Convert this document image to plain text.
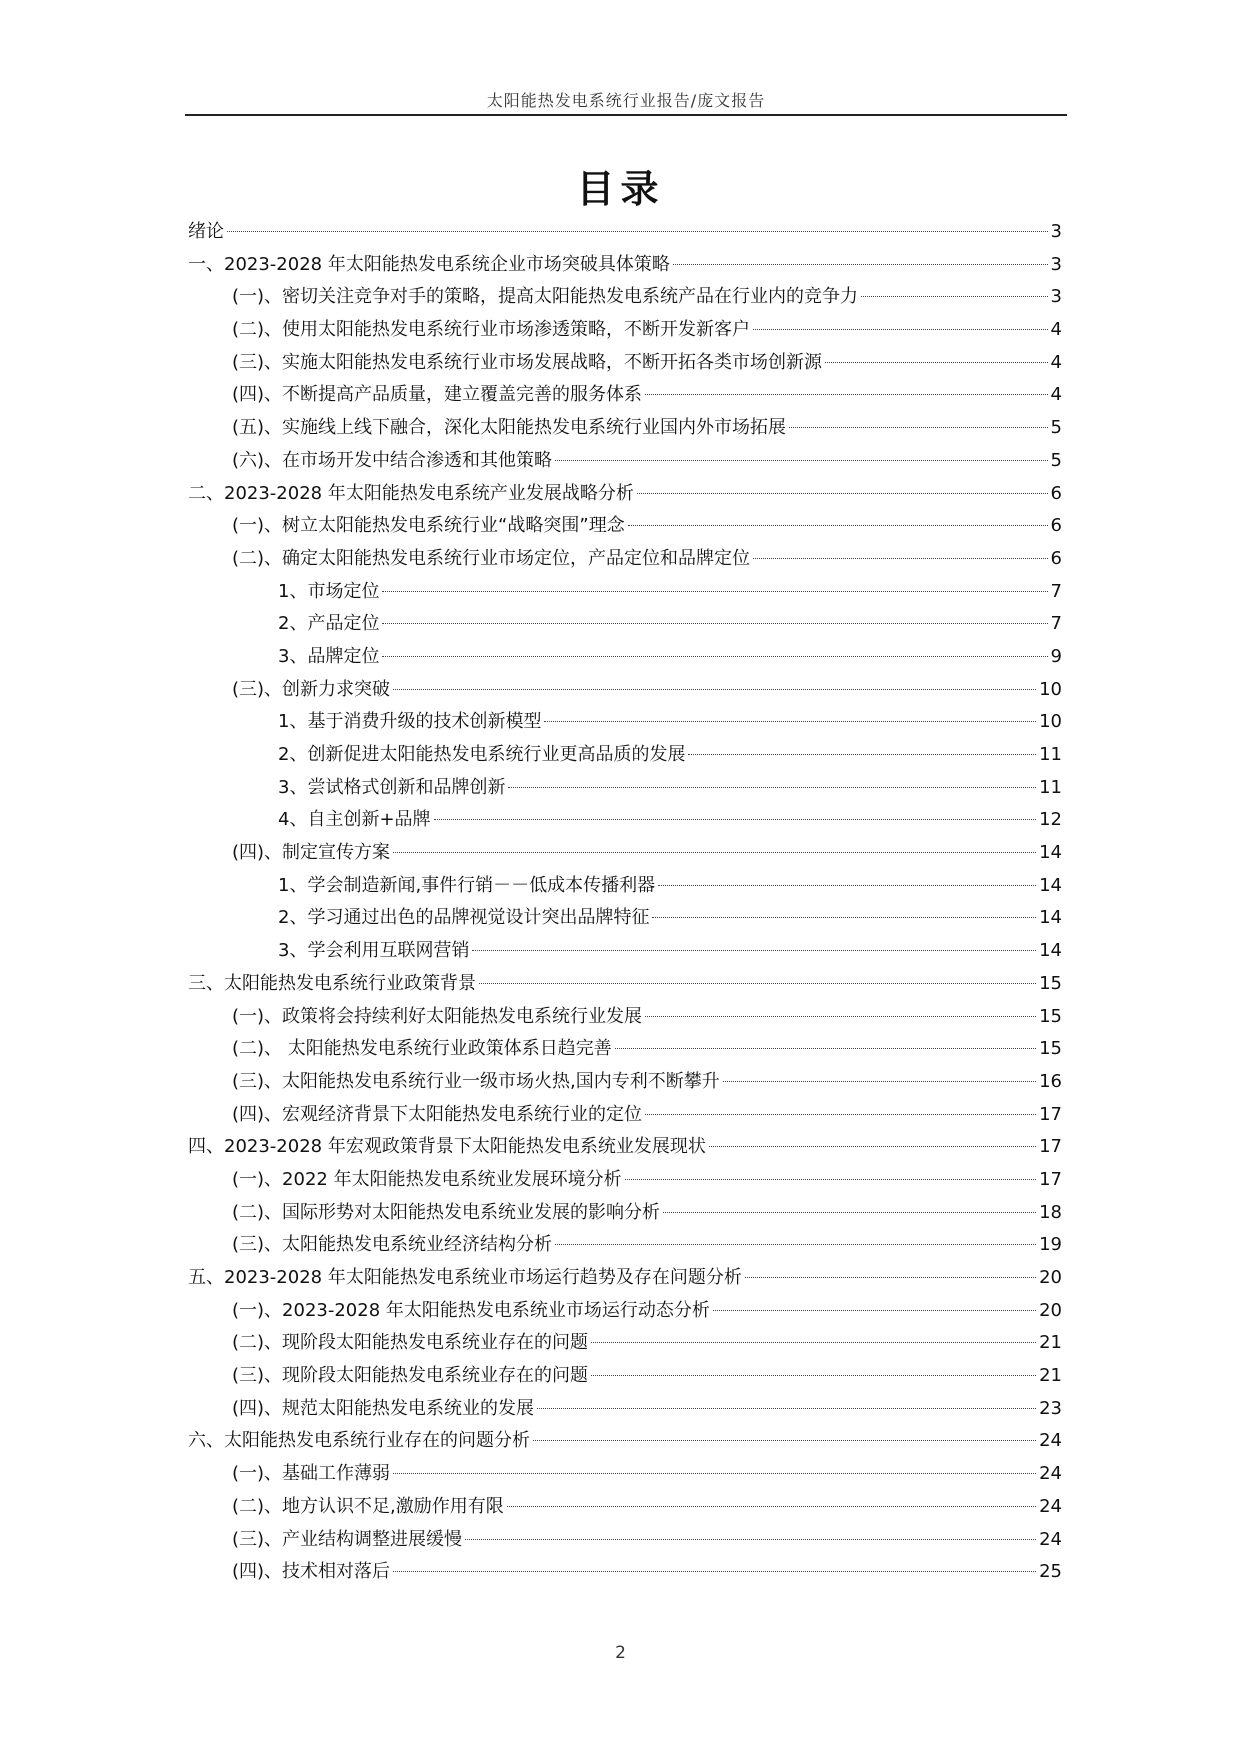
太阳能热发电系统行业报告/庞文报告
目录
绪论	3
一、2023-2028 年太阳能热发电系统企业市场突破具体策略	3
(一)、密切关注竞争对手的策略，提高太阳能热发电系统产品在行业内的竞争力	3
(二)、使用太阳能热发电系统行业市场渗透策略，不断开发新客户	4
(三)、实施太阳能热发电系统行业市场发展战略，不断开拓各类市场创新源	4
(四)、不断提高产品质量，建立覆盖完善的服务体系	4
(五)、实施线上线下融合，深化太阳能热发电系统行业国内外市场拓展	5
(六)、在市场开发中结合渗透和其他策略	5
二、2023-2028 年太阳能热发电系统产业发展战略分析	6
(一)、树立太阳能热发电系统行业“战略突围”理念	6
(二)、确定太阳能热发电系统行业市场定位，产品定位和品牌定位	6
1、市场定位	7
2、产品定位	7
3、品牌定位	9
(三)、创新力求突破	10
1、基于消费升级的技术创新模型	10
2、创新促进太阳能热发电系统行业更高品质的发展	11
3、尝试格式创新和品牌创新	11
4、自主创新+品牌	12
(四)、制定宣传方案	14
1、学会制造新闻,事件行销－－低成本传播利器	14
2、学习通过出色的品牌视觉设计突出品牌特征	14
3、学会利用互联网营销	14
三、太阳能热发电系统行业政策背景	15
(一)、政策将会持续利好太阳能热发电系统行业发展	15
(二)、 太阳能热发电系统行业政策体系日趋完善	15
(三)、太阳能热发电系统行业一级市场火热,国内专利不断攀升	16
(四)、宏观经济背景下太阳能热发电系统行业的定位	17
四、2023-2028 年宏观政策背景下太阳能热发电系统业发展现状	17
(一)、2022 年太阳能热发电系统业发展环境分析	17
(二)、国际形势对太阳能热发电系统业发展的影响分析	18
(三)、太阳能热发电系统业经济结构分析	19
五、2023-2028 年太阳能热发电系统业市场运行趋势及存在问题分析	20
(一)、2023-2028 年太阳能热发电系统业市场运行动态分析	20
(二)、现阶段太阳能热发电系统业存在的问题	21
(三)、现阶段太阳能热发电系统业存在的问题	21
(四)、规范太阳能热发电系统业的发展	23
六、太阳能热发电系统行业存在的问题分析	24
(一)、基础工作薄弱	24
(二)、地方认识不足,激励作用有限	24
(三)、产业结构调整进展缓慢	24
(四)、技术相对落后	25
2
